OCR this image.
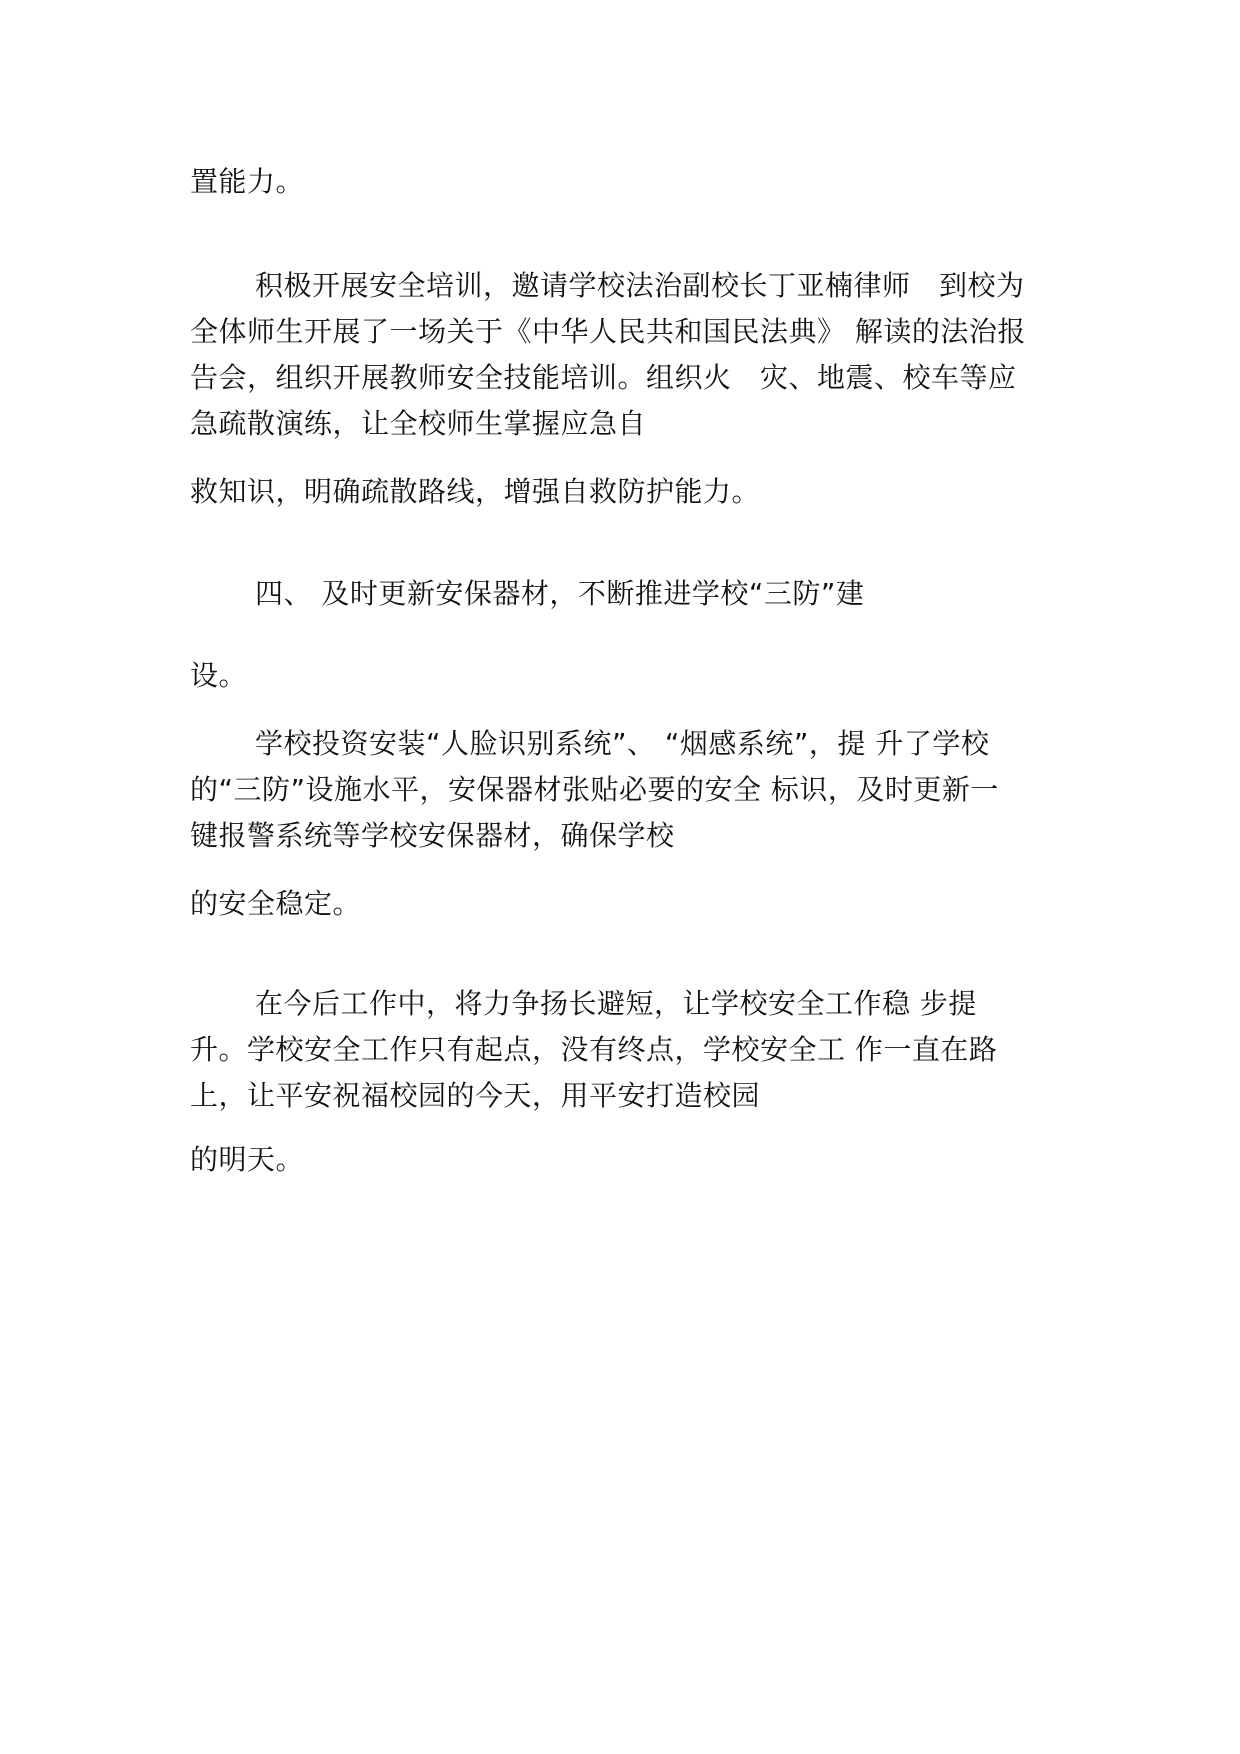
置能力。
积极开展安全培训，邀请学校法治副校长丁亚楠律师　到校为
全体师生开展了一场关于《中华人民共和国民法典》 解读的法治报
告会，组织开展教师安全技能培训。组织火　灾、地震、校车等应
急疏散演练，让全校师生掌握应急自
救知识，明确疏散路线，增强自救防护能力。
四、 及时更新安保器材，不断推进学校“三防”建
设。
学校投资安装“人脸识别系统”、 “烟感系统”，提 升了学校
的“三防”设施水平，安保器材张贴必要的安全 标识，及时更新一
键报警系统等学校安保器材，确保学校
的安全稳定。
在今后工作中，将力争扬长避短，让学校安全工作稳 步提
升。学校安全工作只有起点，没有终点，学校安全工 作一直在路
上，让平安祝福校园的今天，用平安打造校园
的明天。
